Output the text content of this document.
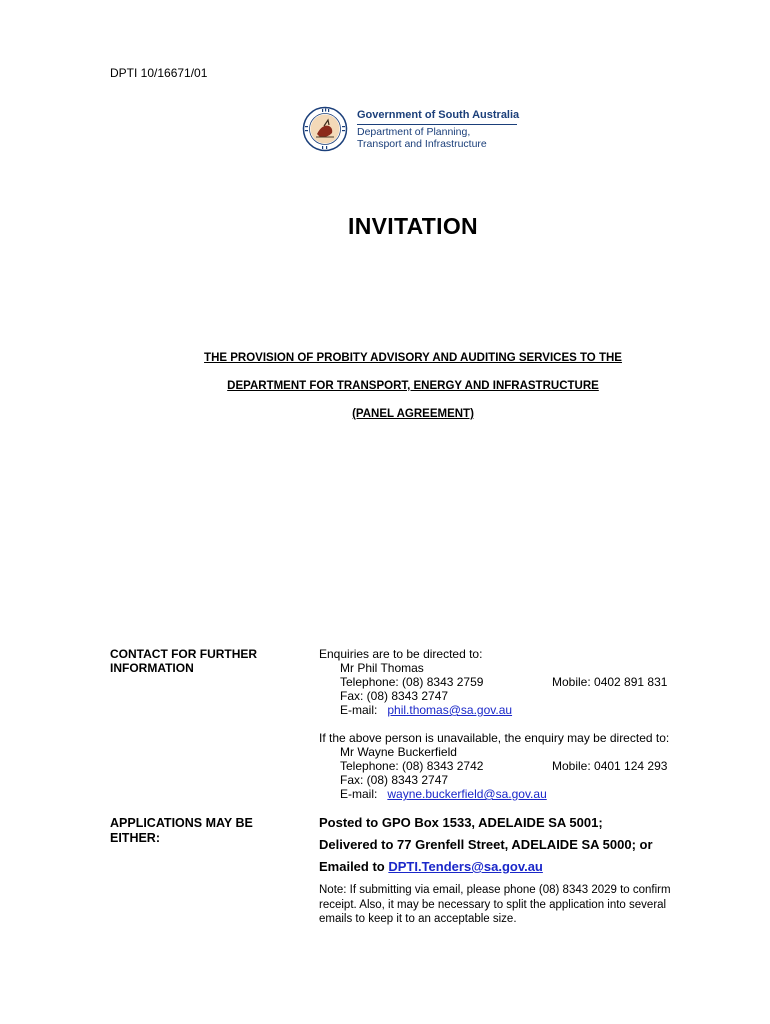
DPTI 10/16671/01
Government of South Australia
Department of Planning,
Transport and Infrastructure
INVITATION
THE PROVISION OF PROBITY ADVISORY AND AUDITING SERVICES TO THE
DEPARTMENT FOR TRANSPORT, ENERGY AND INFRASTRUCTURE
(PANEL AGREEMENT)
CONTACT FOR FURTHER
INFORMATION
Enquiries are to be directed to:
Mr Phil Thomas
Telephone: (08) 8343 2759	Mobile: 0402 891 831
Fax: (08) 8343 2747
E-mail: phil.thomas@sa.gov.au
If the above person is unavailable, the enquiry may be directed to:
Mr Wayne Buckerfield
Telephone: (08) 8343 2742	Mobile: 0401 124 293
Fax: (08) 8343 2747
E-mail: wayne.buckerfield@sa.gov.au
APPLICATIONS MAY BE
EITHER:
Posted to GPO Box 1533, ADELAIDE SA 5001;
Delivered to 77 Grenfell Street, ADELAIDE SA 5000; or
Emailed to DPTI.Tenders@sa.gov.au
Note: If submitting via email, please phone (08) 8343 2029 to confirm receipt. Also, it may be necessary to split the application into several emails to keep it to an acceptable size.
